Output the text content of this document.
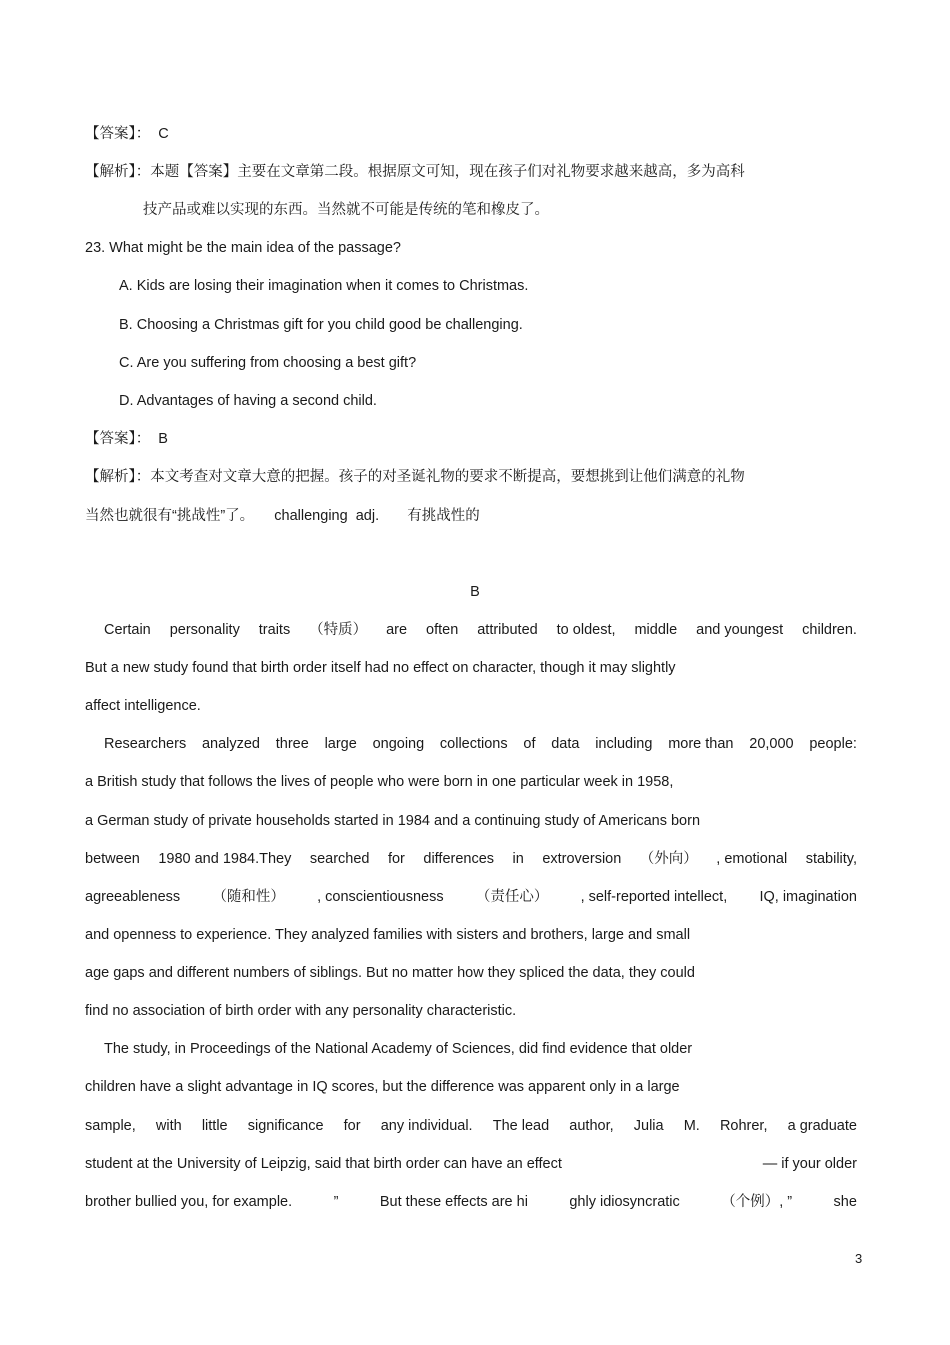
【答案】：  C
【解析】：本题【答案】主要在文章第二段。根据原文可知，现在孩子们对礼物要求越来越高，多为高科
技产品或难以实现的东西。当然就不可能是传统的笔和橡皮了。
23. What might be the main idea of the passage?
A. Kids are losing their imagination when it comes to Christmas.
B. Choosing a Christmas gift for you child good be challenging.
C. Are you suffering from choosing a best gift?
D. Advantages of having a second child.
【答案】：  B
【解析】：本文考查对文章大意的把握。孩子的对圣诞礼物的要求不断提高，要想挑到让他们满意的礼物
当然也就很有“挑战性”了。     challenging  adj.       有挑战性的
B
Certain personality traits （特质） are often attributed to oldest, middle and youngest children.
But a new study found that birth order itself had no effect on character, though it may slightly
affect intelligence.
Researchers analyzed three large ongoing collections of data including more than 20,000 people:
a British study that follows the lives of people who were born in one particular week in 1958,
a German study of private households started in 1984 and a continuing study of Americans born
between 1980 and 1984.They searched for differences in extroversion （外向） , emotional stability,
agreeableness （随和性） , conscientiousness （责任心） , self-reported intellect, IQ, imagination
and openness to experience. They analyzed families with sisters and brothers, large and small
age gaps and different numbers of siblings. But no matter how they spliced the data, they could
find no association of birth order with any personality characteristic.
The study, in Proceedings of the National Academy of Sciences, did find evidence that older
children have a slight advantage in IQ scores, but the difference was apparent only in a large
sample, with little significance for any individual. The lead author, Julia M. Rohrer, a graduate
student at the University of Leipzig, said that birth order can have an effect	— if your older
brother bullied you, for example.	”	But these effects are hi	ghly idiosyncratic	（个例）, ”	she
3
